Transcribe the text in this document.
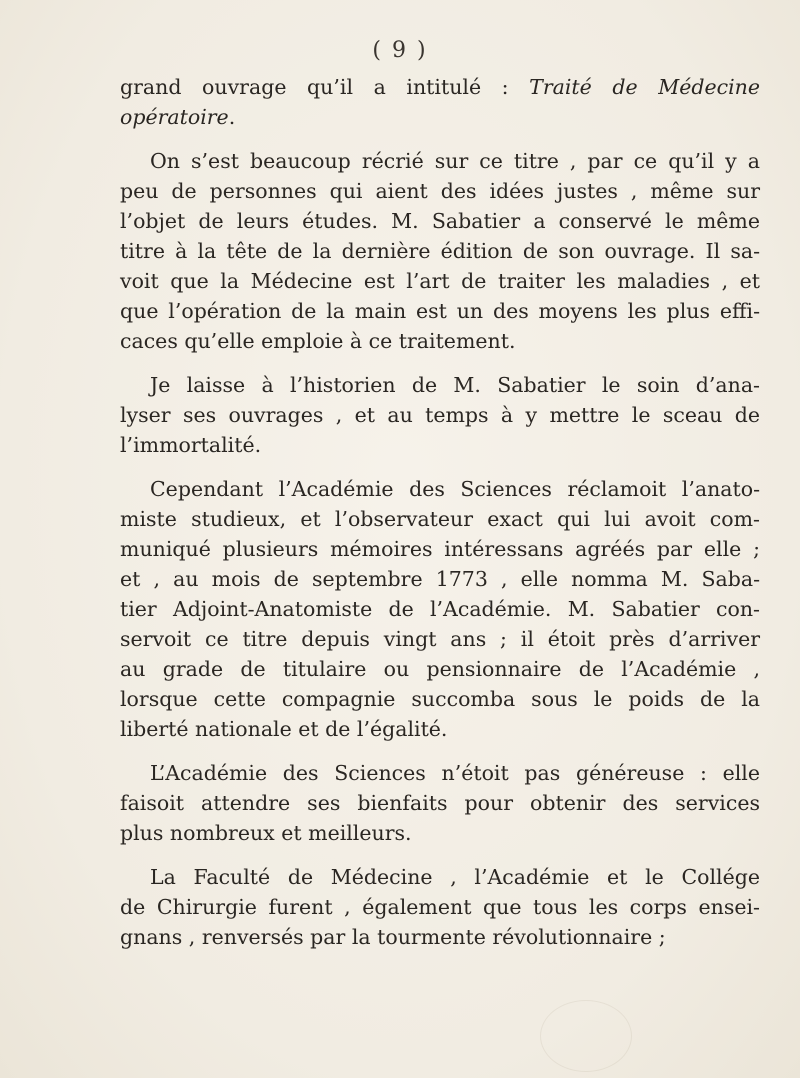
( 9 )
grand ouvrage qu’il a intitulé : Traité de Médecine
opératoire.
On s’est beaucoup récrié sur ce titre , par ce qu’il y a
peu de personnes qui aient des idées justes , même sur
l’objet de leurs études. M. Sabatier a conservé le même
titre à la tête de la dernière édition de son ouvrage. Il sa-
voit que la Médecine est l’art de traiter les maladies , et
que l’opération de la main est un des moyens les plus effi-
caces qu’elle emploie à ce traitement.
Je laisse à l’historien de M. Sabatier le soin d’ana-
lyser ses ouvrages , et au temps à y mettre le sceau de
l’immortalité.
Cependant l’Académie des Sciences réclamoit l’anato-
miste studieux, et l’observateur exact qui lui avoit com-
muniqué plusieurs mémoires intéressans agréés par elle ;
et , au mois de septembre 1773 , elle nomma M. Saba-
tier Adjoint-Anatomiste de l’Académie. M. Sabatier con-
servoit ce titre depuis vingt ans ; il étoit près d’arriver
au grade de titulaire ou pensionnaire de l’Académie ,
lorsque cette compagnie succomba sous le poids de la
liberté nationale et de l’égalité.
L’Académie des Sciences n’étoit pas généreuse : elle
faisoit attendre ses bienfaits pour obtenir des services
plus nombreux et meilleurs.
La Faculté de Médecine , l’Académie et le Collége
de Chirurgie furent , également que tous les corps ensei-
gnans , renversés par la tourmente révolutionnaire ;
